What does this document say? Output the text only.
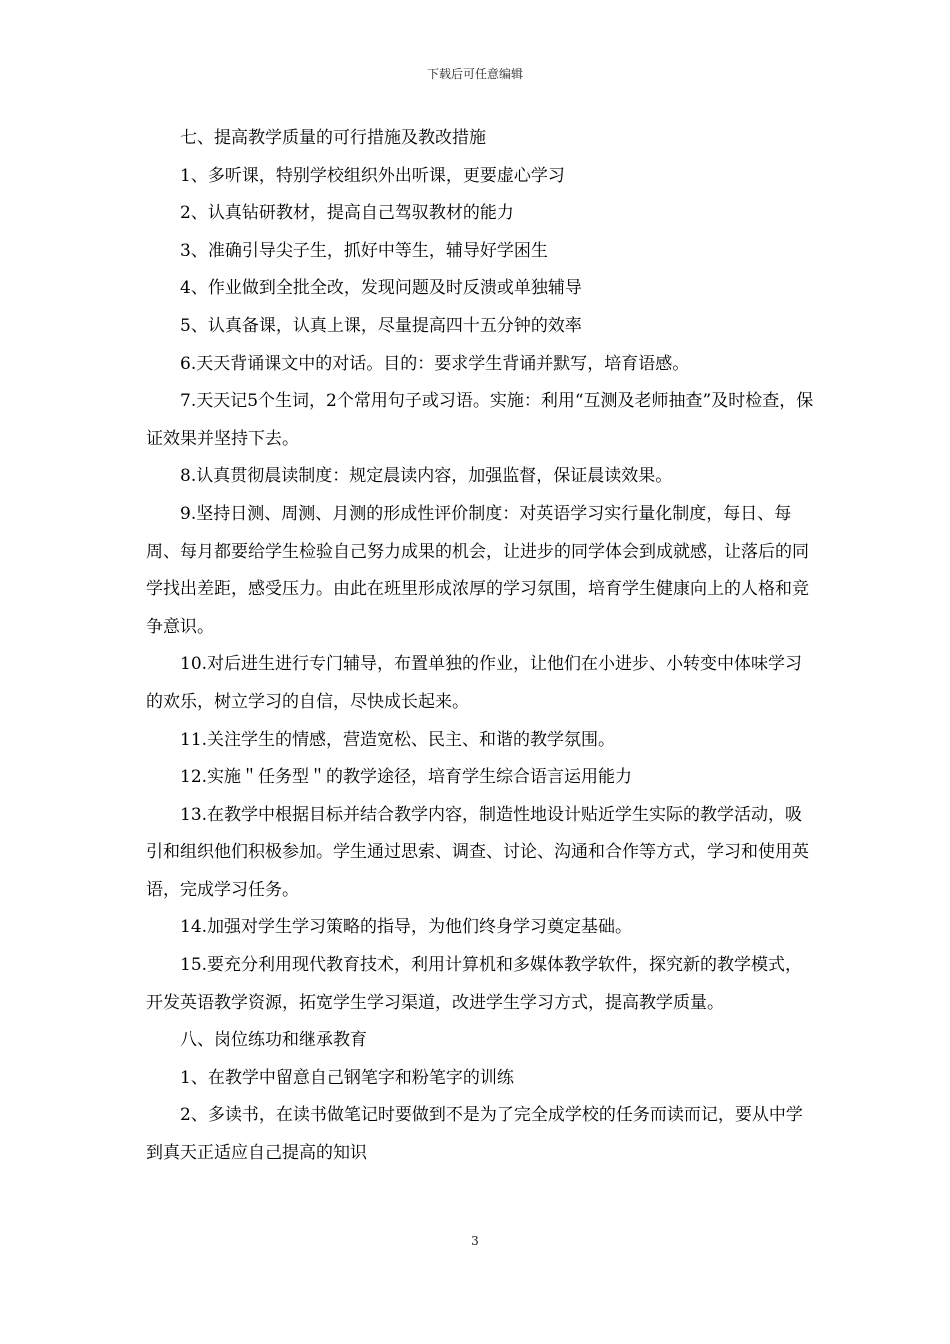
下载后可任意编辑

七、提高教学质量的可行措施及教改措施

1、多听课，特别学校组织外出听课，更要虚心学习

2、认真钻研教材，提高自己驾驭教材的能力

3、准确引导尖子生，抓好中等生，辅导好学困生

4、作业做到全批全改，发现问题及时反溃或单独辅导

5、认真备课，认真上课，尽量提高四十五分钟的效率

6.天天背诵课文中的对话。目的：要求学生背诵并默写，培育语感。

7.天天记5个生词，2个常用句子或习语。实施：利用“互测及老师抽查”及时检查，保证效果并坚持下去。

8.认真贯彻晨读制度：规定晨读内容，加强监督，保证晨读效果。

9.坚持日测、周测、月测的形成性评价制度：对英语学习实行量化制度，每日、每周、每月都要给学生检验自己努力成果的机会，让进步的同学体会到成就感，让落后的同学找出差距，感受压力。由此在班里形成浓厚的学习氛围，培育学生健康向上的人格和竞争意识。

10.对后进生进行专门辅导，布置单独的作业，让他们在小进步、小转变中体味学习的欢乐，树立学习的自信，尽快成长起来。

11.关注学生的情感，营造宽松、民主、和谐的教学氛围。

12.实施＂任务型＂的教学途径，培育学生综合语言运用能力

13.在教学中根据目标并结合教学内容，制造性地设计贴近学生实际的教学活动，吸引和组织他们积极参加。学生通过思索、调查、讨论、沟通和合作等方式，学习和使用英语，完成学习任务。

14.加强对学生学习策略的指导，为他们终身学习奠定基础。

15.要充分利用现代教育技术，利用计算机和多媒体教学软件，探究新的教学模式，开发英语教学资源，拓宽学生学习渠道，改进学生学习方式，提高教学质量。

八、岗位练功和继承教育

1、在教学中留意自己钢笔字和粉笔字的训练

2、多读书，在读书做笔记时要做到不是为了完全成学校的任务而读而记，要从中学到真天正适应自己提高的知识

3
